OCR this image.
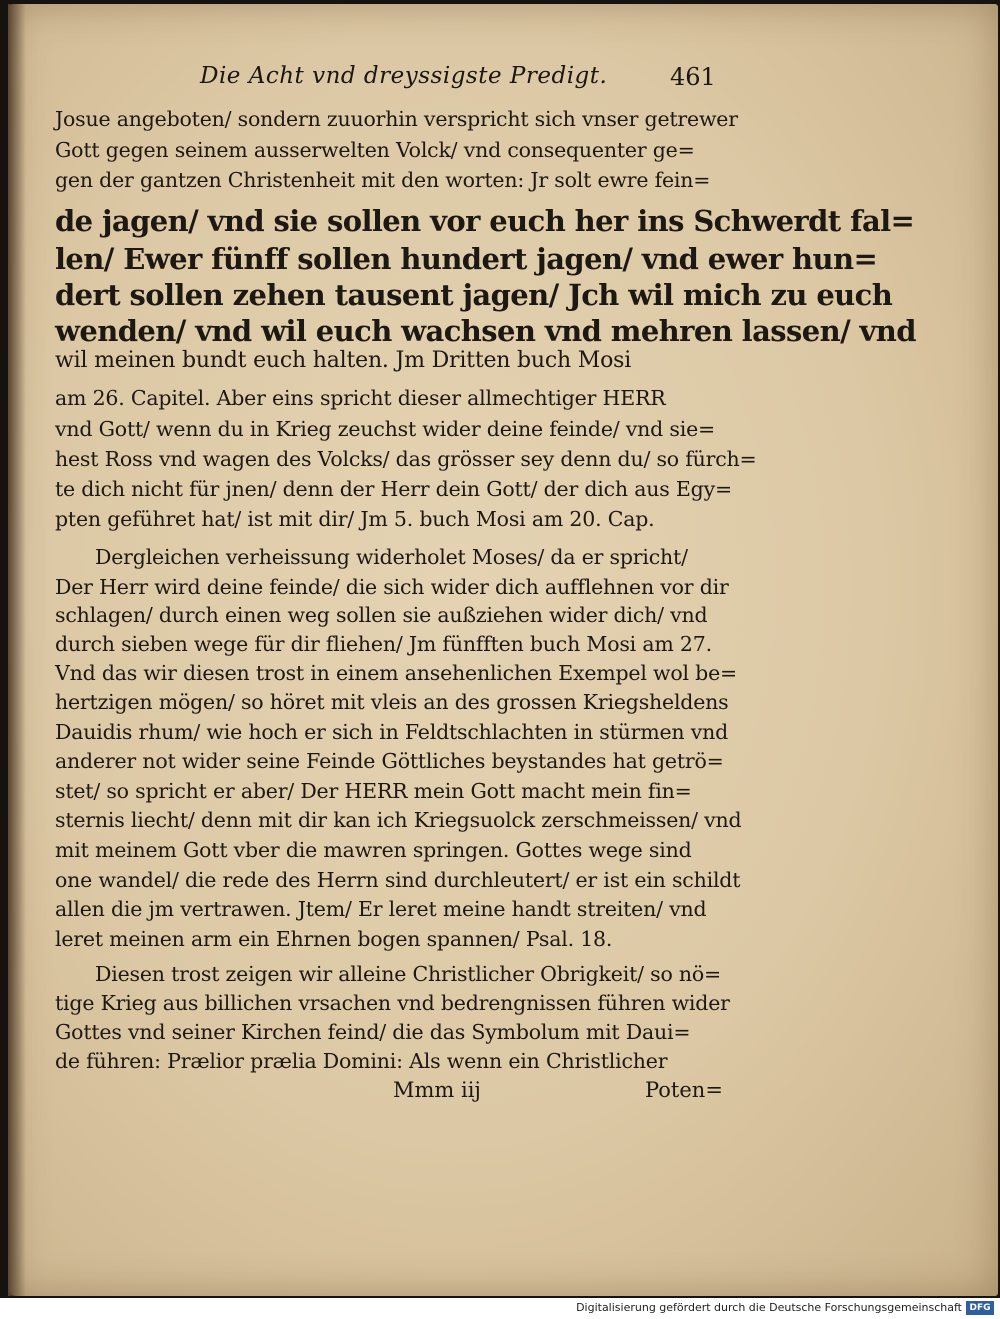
Die Acht vnd dreyssigste Predigt.	461
Josue angeboten/ sondern zuuorhin verspricht sich vnser getrewer
Gott gegen seinem ausserwelten Volck/ vnd consequenter ge=
gen der gantzen Christenheit mit den worten: Jr solt ewre fein=
de jagen/ vnd sie sollen vor euch her ins Schwerdt fal=
len/ Ewer fünff sollen hundert jagen/ vnd ewer hun=
dert sollen zehen tausent jagen/ Jch wil mich zu euch
wenden/ vnd wil euch wachsen vnd mehren lassen/ vnd
wil meinen bundt euch halten. Jm Dritten buch Mosi
am 26. Capitel. Aber eins spricht dieser allmechtiger HERR
vnd Gott/ wenn du in Krieg zeuchst wider deine feinde/ vnd sie=
hest Ross vnd wagen des Volcks/ das grösser sey denn du/ so fürch=
te dich nicht für jnen/ denn der Herr dein Gott/ der dich aus Egy=
pten geführet hat/ ist mit dir/ Jm 5. buch Mosi am 20. Cap.
Dergleichen verheissung widerholet Moses/ da er spricht/
Der Herr wird deine feinde/ die sich wider dich aufflehnen vor dir
schlagen/ durch einen weg sollen sie außziehen wider dich/ vnd
durch sieben wege für dir fliehen/ Jm fünfften buch Mosi am 27.
Vnd das wir diesen trost in einem ansehenlichen Exempel wol be=
hertzigen mögen/ so höret mit vleis an des grossen Kriegsheldens
Dauidis rhum/ wie hoch er sich in Feldtschlachten in stürmen vnd
anderer not wider seine Feinde Göttliches beystandes hat getrö=
stet/ so spricht er aber/ Der HERR mein Gott macht mein fin=
sternis liecht/ denn mit dir kan ich Kriegsuolck zerschmeissen/ vnd
mit meinem Gott vber die mawren springen. Gottes wege sind
one wandel/ die rede des Herrn sind durchleutert/ er ist ein schildt
allen die jm vertrawen. Jtem/ Er leret meine handt streiten/ vnd
leret meinen arm ein Ehrnen bogen spannen/ Psal. 18.
Diesen trost zeigen wir alleine Christlicher Obrigkeit/ so nö=
tige Krieg aus billichen vrsachen vnd bedrengnissen führen wider
Gottes vnd seiner Kirchen feind/ die das Symbolum mit Daui=
de führen: Prælior prælia Domini: Als wenn ein Christlicher
Mmm iij	Poten=
Digitalisierung gefördert durch die Deutsche Forschungsgemeinschaft DFG
